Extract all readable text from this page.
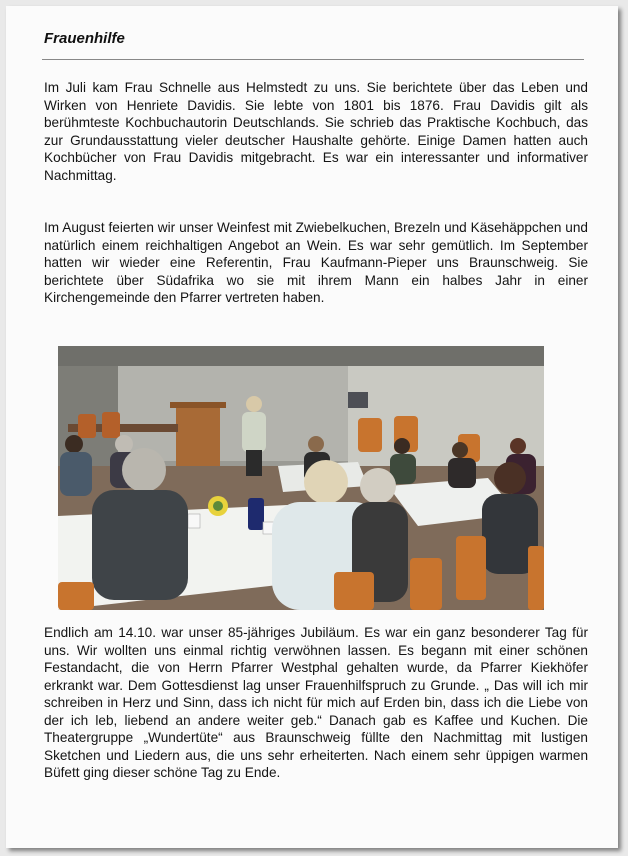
Frauenhilfe

Im Juli kam Frau Schnelle aus Helmstedt zu uns. Sie berichtete über das Leben und Wirken von Henriete Davidis. Sie lebte von 1801 bis 1876. Frau Davidis gilt als berühmteste Kochbuchautorin Deutschlands. Sie schrieb das Praktische Kochbuch, das zur Grundausstattung vieler deutscher Haushalte gehörte. Einige Damen hatten auch Kochbücher von Frau Davidis mitgebracht. Es war ein interessanter und informativer Nachmittag.

Im August feierten wir unser Weinfest mit Zwiebelkuchen, Brezeln und Käsehäppchen und natürlich einem reichhaltigen Angebot an Wein. Es war sehr gemütlich. Im September hatten wir wieder eine Referentin, Frau Kaufmann-Pieper uns Braunschweig. Sie berichtete über Südafrika wo sie mit ihrem Mann ein halbes Jahr in einer Kirchengemeinde den Pfarrer vertreten haben.

Endlich am 14.10. war unser 85-jähriges Jubiläum. Es war ein ganz besonderer Tag für uns. Wir wollten uns einmal richtig verwöhnen lassen. Es begann mit einer schönen Festandacht, die von Herrn Pfarrer Westphal gehalten wurde, da Pfarrer Kiekhöfer erkrankt war. Dem Gottesdienst lag unser Frauenhilfspruch zu Grunde. „ Das will ich mir schreiben in Herz und Sinn, dass ich nicht für mich auf Erden bin, dass ich die Liebe von der ich leb, liebend an andere weiter geb.“ Danach gab es Kaffee und Kuchen. Die Theatergruppe „Wundertüte“ aus Braunschweig füllte den Nachmittag mit lustigen Sketchen und Liedern aus, die uns sehr erheiterten. Nach einem sehr üppigen warmen Büfett ging dieser schöne Tag zu Ende.
